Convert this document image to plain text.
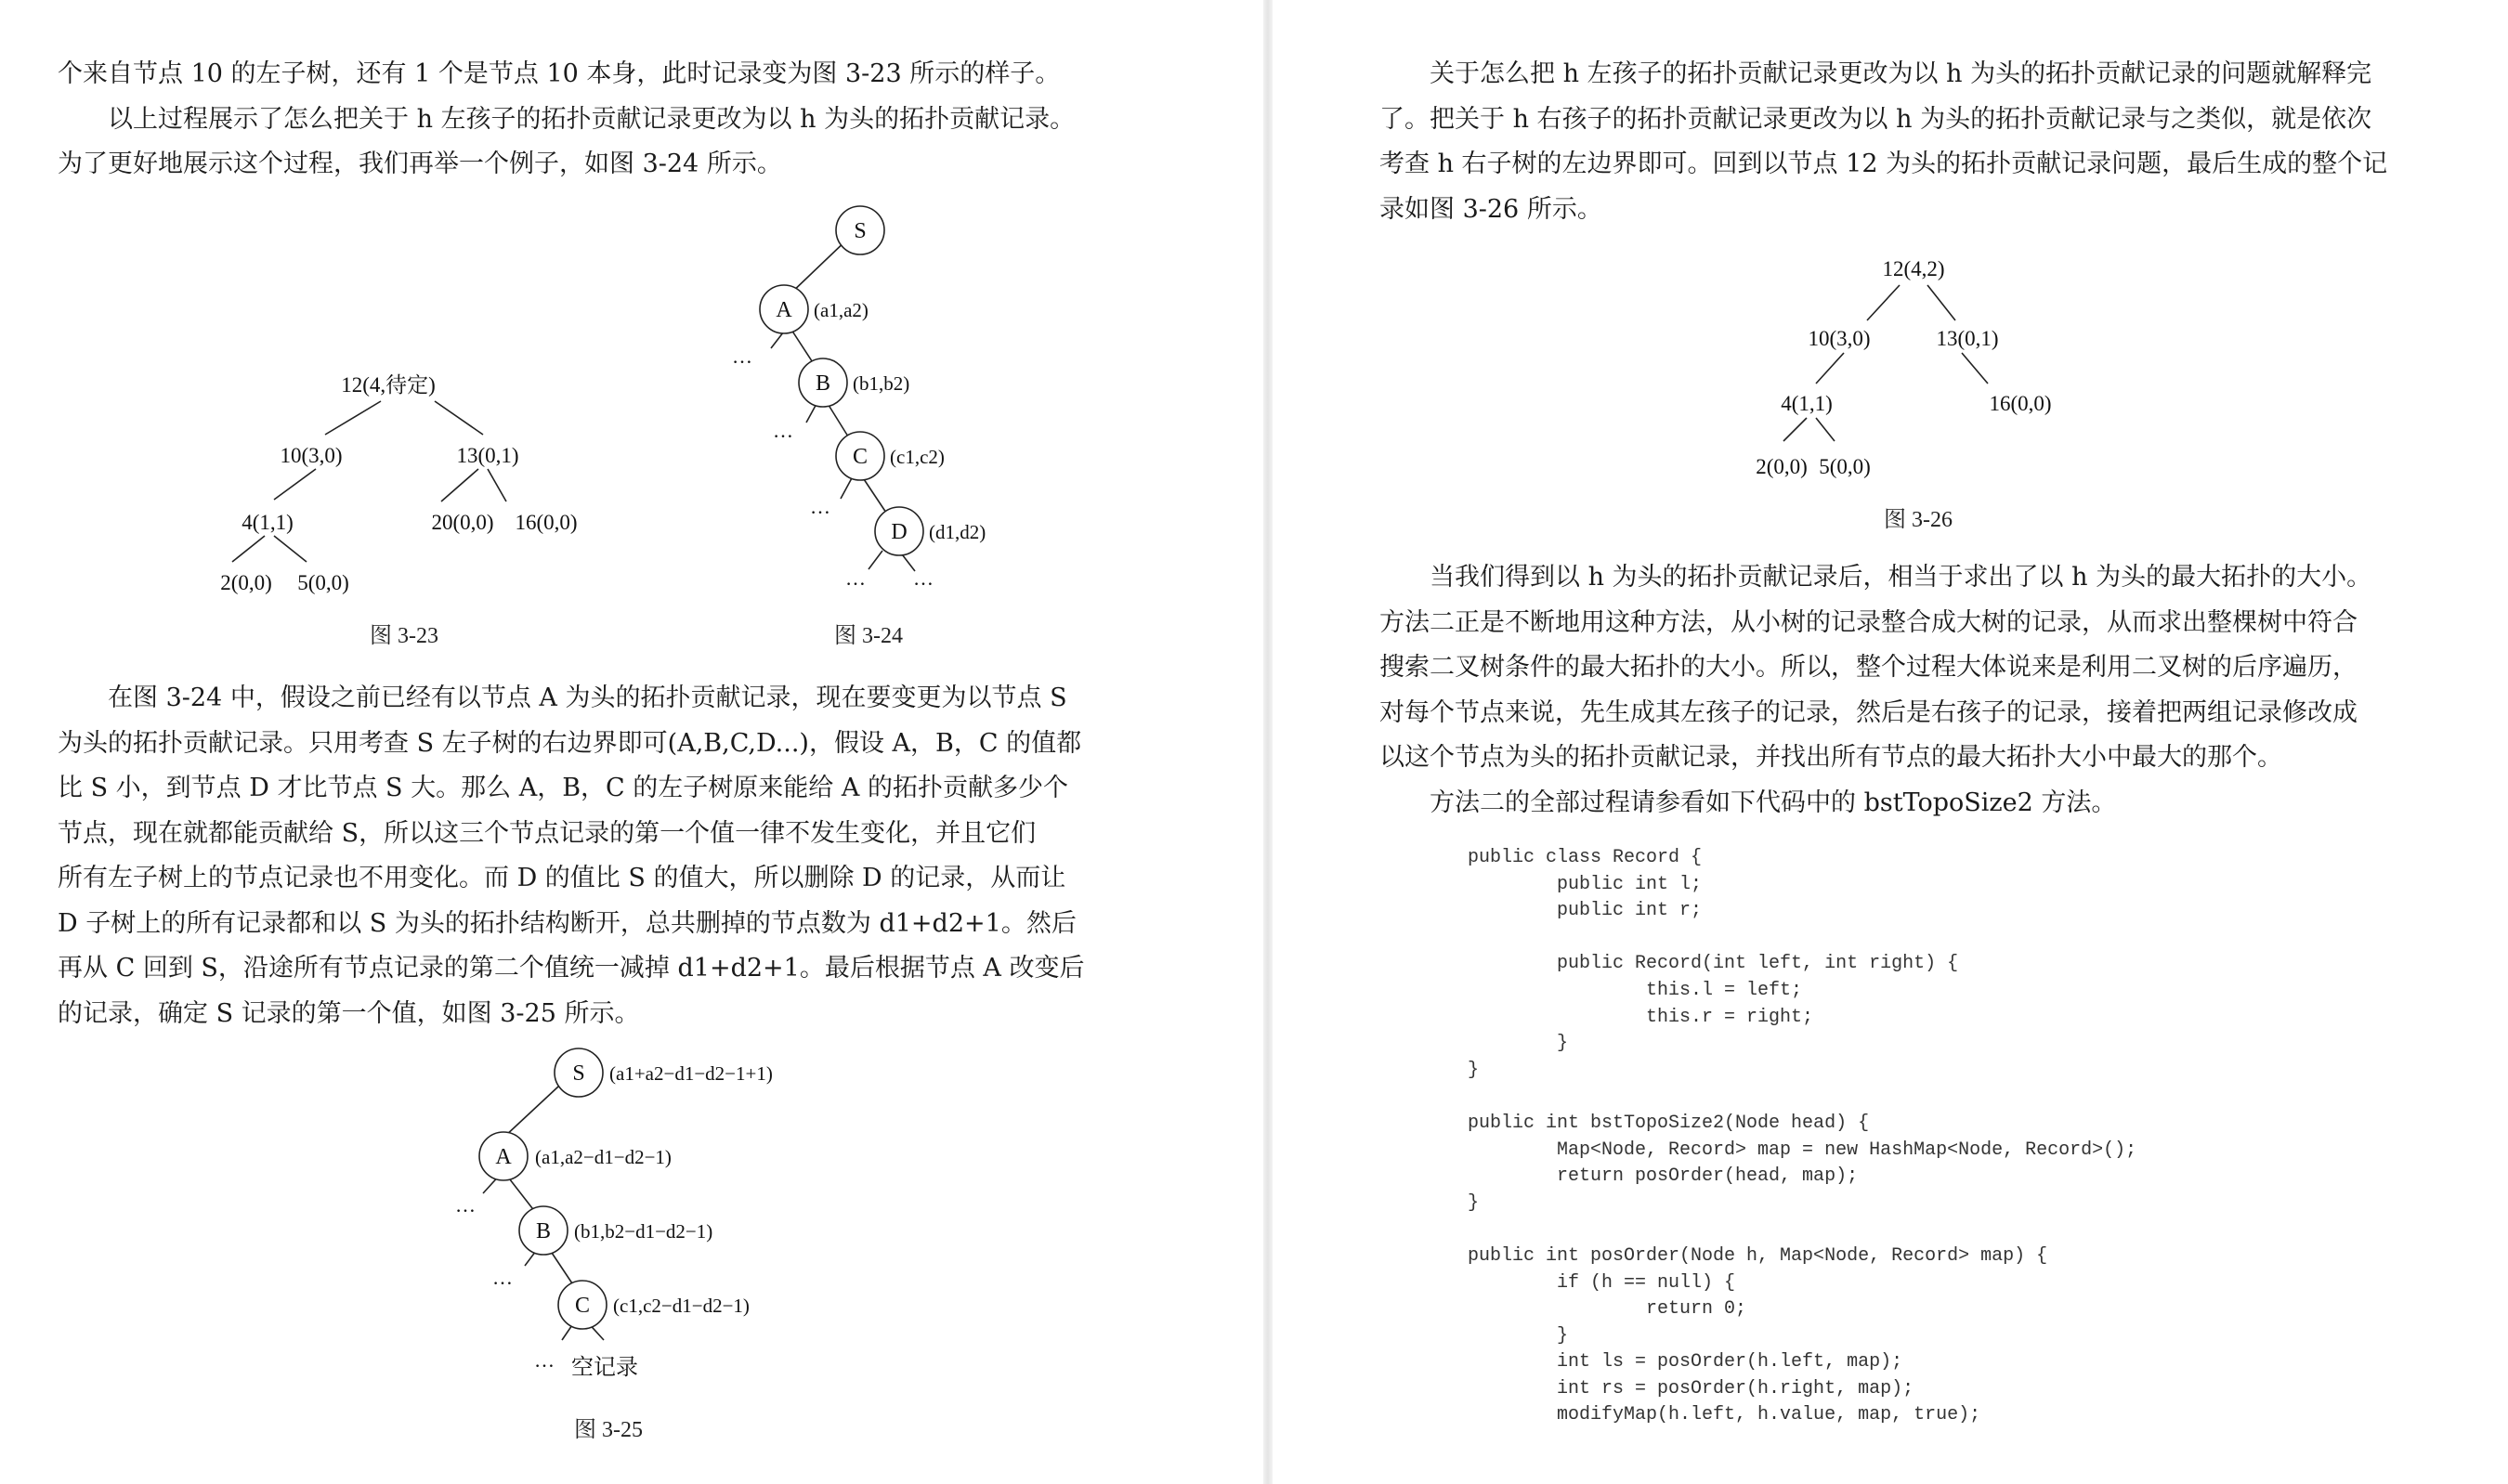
个来自节点 10 的左子树，还有 1 个是节点 10 本身，此时记录变为图 3-23 所示的样子。
　　以上过程展示了怎么把关于 h 左孩子的拓扑贡献记录更改为以 h 为头的拓扑贡献记录。
为了更好地展示这个过程，我们再举一个例子，如图 3-24 所示。
12(4,待定)
10(3,0)	13(0,1)
4(1,1)	20(0,0) 16(0,0)
2(0,0) 5(0,0)
图 3-23
S
A
B
C
D
(a1,a2)
(b1,b2)
(c1,c2)
(d1,d2)
…
…
…
… …
图 3-24
　　在图 3-24 中，假设之前已经有以节点 A 为头的拓扑贡献记录，现在要变更为以节点 S
为头的拓扑贡献记录。只用考查 S 左子树的右边界即可(A,B,C,D...)，假设 A，B，C 的值都
比 S 小，到节点 D 才比节点 S 大。那么 A，B，C 的左子树原来能给 A 的拓扑贡献多少个
节点，现在就都能贡献给 S，所以这三个节点记录的第一个值一律不发生变化，并且它们
所有左子树上的节点记录也不用变化。而 D 的值比 S 的值大，所以删除 D 的记录，从而让
D 子树上的所有记录都和以 S 为头的拓扑结构断开，总共删掉的节点数为 d1+d2+1。然后
再从 C 回到 S，沿途所有节点记录的第二个值统一减掉 d1+d2+1。最后根据节点 A 改变后
的记录，确定 S 记录的第一个值，如图 3-25 所示。
S
A
B
C
(a1+a2−d1−d2−1+1)
(a1,a2−d1−d2−1)
(b1,b2−d1−d2−1)
(c1,c2−d1−d2−1)
空记录
…
…
…
图 3-25
　　关于怎么把 h 左孩子的拓扑贡献记录更改为以 h 为头的拓扑贡献记录的问题就解释完
了。把关于 h 右孩子的拓扑贡献记录更改为以 h 为头的拓扑贡献记录与之类似，就是依次
考查 h 右子树的左边界即可。回到以节点 12 为头的拓扑贡献记录问题，最后生成的整个记
录如图 3-26 所示。
12(4,2)
10(3,0)	13(0,1)
4(1,1)	16(0,0)
2(0,0) 5(0,0)
图 3-26
　　当我们得到以 h 为头的拓扑贡献记录后，相当于求出了以 h 为头的最大拓扑的大小。
方法二正是不断地用这种方法，从小树的记录整合成大树的记录，从而求出整棵树中符合
搜索二叉树条件的最大拓扑的大小。所以，整个过程大体说来是利用二叉树的后序遍历，
对每个节点来说，先生成其左孩子的记录，然后是右孩子的记录，接着把两组记录修改成
以这个节点为头的拓扑贡献记录，并找出所有节点的最大拓扑大小中最大的那个。
　　方法二的全部过程请参看如下代码中的 bstTopoSize2 方法。
public class Record {
public int l;
public int r;
public Record(int left, int right) {
this.l = left;
this.r = right;
}
}
public int bstTopoSize2(Node head) {
Map<Node, Record> map = new HashMap<Node, Record>();
return posOrder(head, map);
}
public int posOrder(Node h, Map<Node, Record> map) {
if (h == null) {
return 0;
}
int ls = posOrder(h.left, map);
int rs = posOrder(h.right, map);
modifyMap(h.left, h.value, map, true);
